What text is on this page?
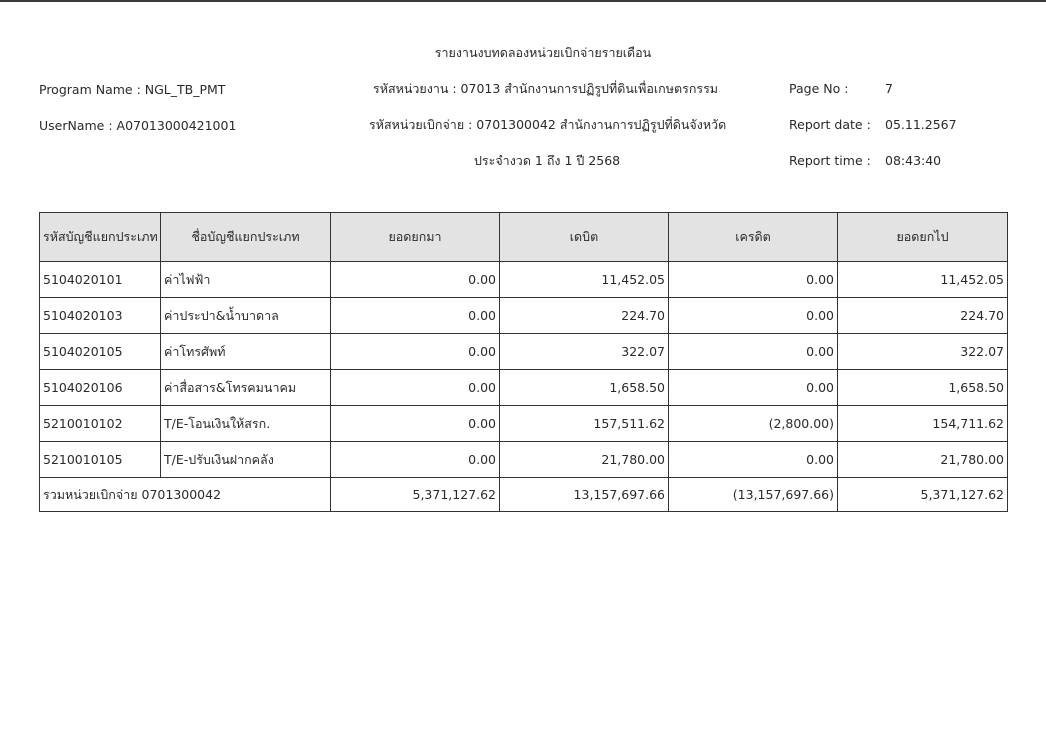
รายงานงบทดลองหน่วยเบิกจ่ายรายเดือน
Program Name : NGL_TB_PMT
UserName : A07013000421001
รหัสหน่วยงาน : 07013 สำนักงานการปฏิรูปที่ดินเพื่อเกษตรกรรม
รหัสหน่วยเบิกจ่าย : 0701300042 สำนักงานการปฏิรูปที่ดินจังหวัด
ประจำงวด 1 ถึง 1 ปี 2568
Page No :	7
Report date : 05.11.2567
Report time : 08:43:40
รหัสบัญชีแยกประเภท	ชื่อบัญชีแยกประเภท	ยอดยกมา	เดบิต	เครดิต	ยอดยกไป
5104020101	ค่าไฟฟ้า	0.00	11,452.05	0.00	11,452.05
5104020103	ค่าประปา&น้ำบาดาล	0.00	224.70	0.00	224.70
5104020105	ค่าโทรศัพท์	0.00	322.07	0.00	322.07
5104020106	ค่าสื่อสาร&โทรคมนาคม	0.00	1,658.50	0.00	1,658.50
5210010102	T/E-โอนเงินให้สรก.	0.00	157,511.62	(2,800.00)	154,711.62
5210010105	T/E-ปรับเงินฝากคลัง	0.00	21,780.00	0.00	21,780.00
รวมหน่วยเบิกจ่าย 0701300042		5,371,127.62	13,157,697.66	(13,157,697.66)	5,371,127.62
